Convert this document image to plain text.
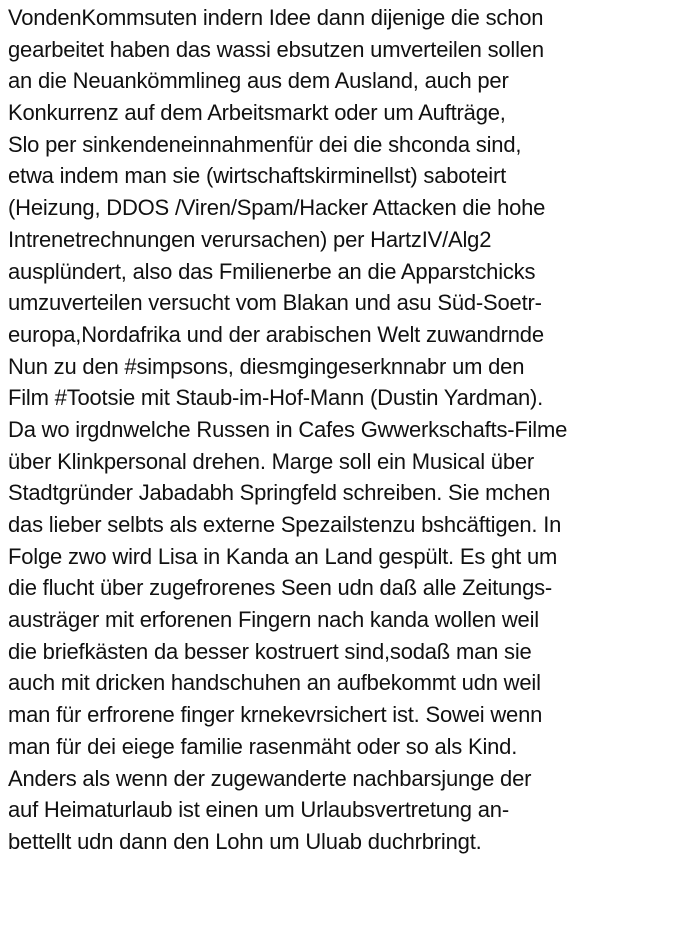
VondenKommsuten indern Idee dann dijenige die schon
gearbeitet haben das wassi ebsutzen umverteilen sollen
an die Neuankömmlineg aus dem Ausland, auch per
Konkurrenz auf dem Arbeitsmarkt oder um Aufträge,
Slo per sinkendeneinnahmenfür dei die shconda sind,
etwa indem man sie (wirtschaftskirminellst) saboteirt
(Heizung, DDOS /Viren/Spam/Hacker Attacken die hohe
Intrenetrechnungen verursachen) per HartzIV/Alg2
ausplündert, also das Fmilienerbe an die Apparstchicks
umzuverteilen versucht vom Blakan und asu Süd-Soetr-
europa,Nordafrika und der arabischen Welt zuwandrnde
Nun zu den #simpsons, diesmgingeserknnabr um den
Film #Tootsie mit Staub-im-Hof-Mann (Dustin Yardman).
Da wo irgdnwelche Russen in Cafes Gwwerkschafts-Filme
über Klinkpersonal drehen. Marge soll ein Musical über
Stadtgründer Jabadabh Springfeld schreiben. Sie mchen
das lieber selbts als externe Spezailstenzu bshcäftigen. In
Folge zwo wird Lisa in Kanda an Land gespült. Es ght um
die flucht über zugefrorenes Seen udn daß alle Zeitungs-
austräger mit erforenen Fingern nach kanda wollen weil
die briefkästen da besser kostruert sind,sodaß man sie
auch mit dricken handschuhen an aufbekommt udn weil
man für erfrorene finger krnekevrsichert ist. Sowei wenn
man für dei eiege familie rasenmäht oder so als Kind.
Anders als wenn der zugewanderte nachbarsjunge der
auf Heimaturlaub ist einen um Urlaubsvertretung an-
bettellt udn dann den Lohn um Uluab duchrbringt.
